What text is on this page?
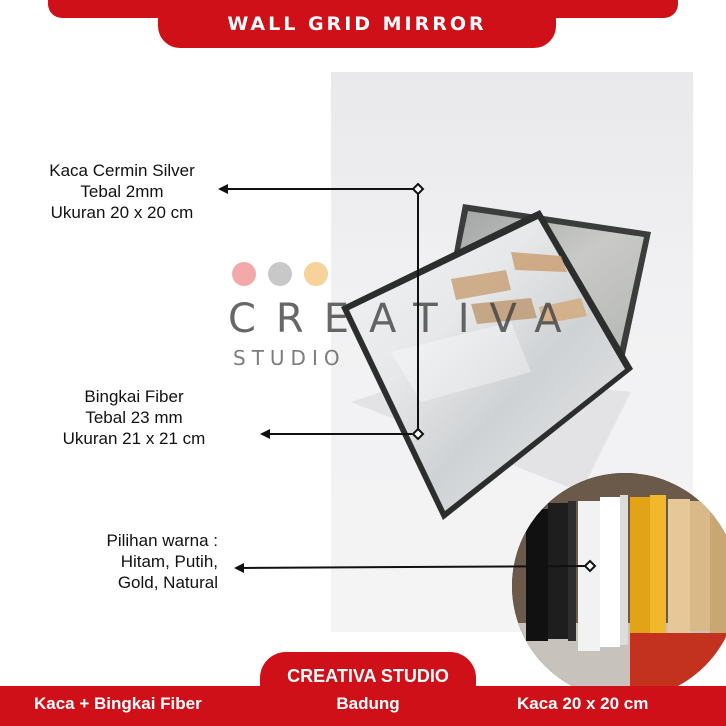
WALL GRID MIRROR
CREATIVA
STUDIO
Kaca Cermin Silver
Tebal 2mm
Ukuran 20 x 20 cm
Bingkai Fiber
Tebal 23 mm
Ukuran 21 x 21 cm
Pilihan warna :
Hitam, Putih,
Gold, Natural
Kaca + Bingkai Fiber
CREATIVA STUDIO
Badung	Kaca 20 x 20 cm
